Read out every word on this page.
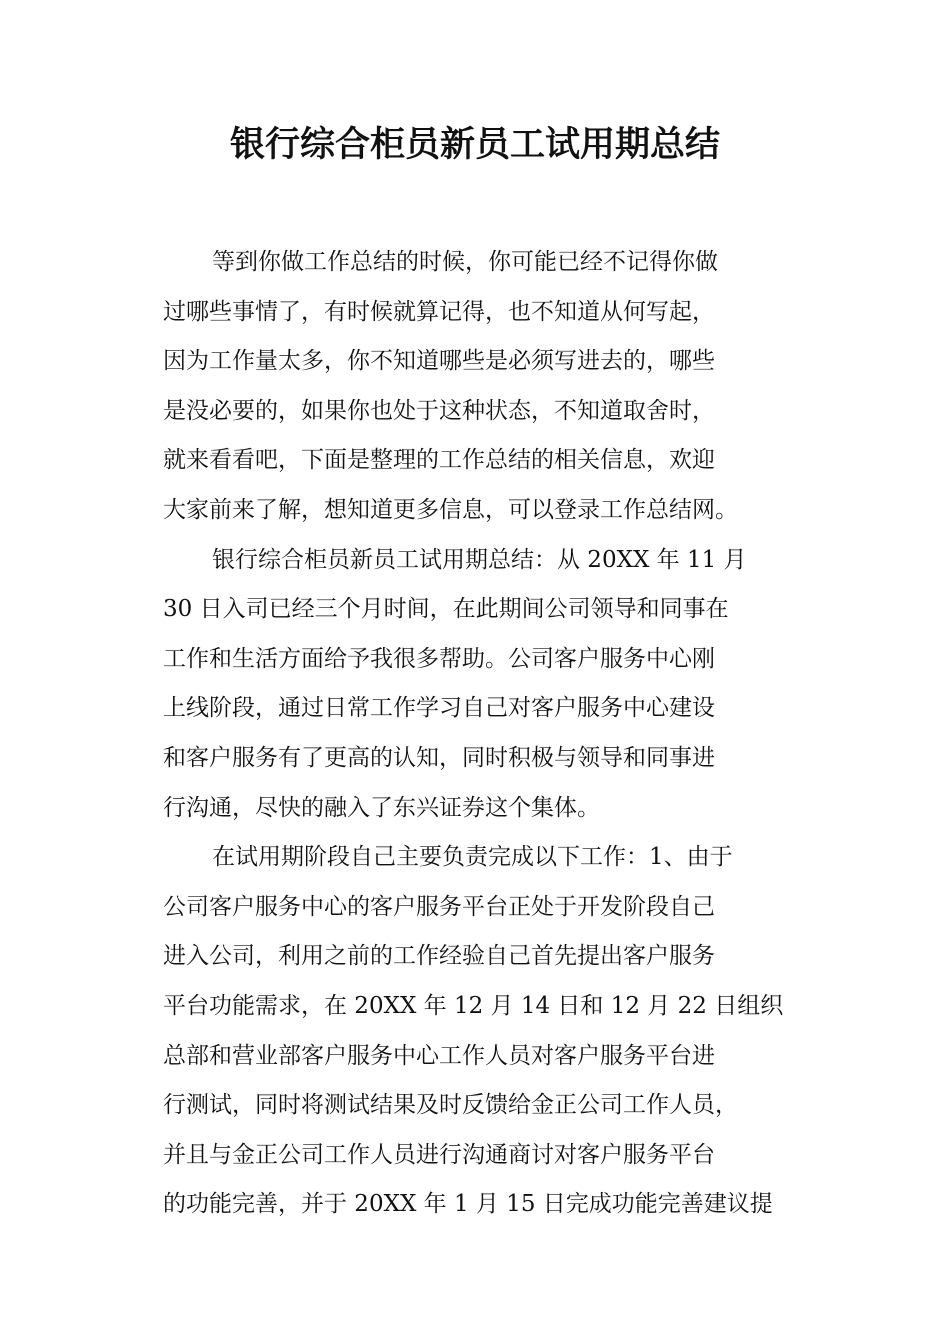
银行综合柜员新员工试用期总结
等到你做工作总结的时候，你可能已经不记得你做
过哪些事情了，有时候就算记得，也不知道从何写起，
因为工作量太多，你不知道哪些是必须写进去的，哪些
是没必要的，如果你也处于这种状态，不知道取舍时，
就来看看吧，下面是整理的工作总结的相关信息，欢迎
大家前来了解，想知道更多信息，可以登录工作总结网。
银行综合柜员新员工试用期总结：从 20XX 年 11 月
30 日入司已经三个月时间，在此期间公司领导和同事在
工作和生活方面给予我很多帮助。公司客户服务中心刚
上线阶段，通过日常工作学习自己对客户服务中心建设
和客户服务有了更高的认知，同时积极与领导和同事进
行沟通，尽快的融入了东兴证券这个集体。
在试用期阶段自己主要负责完成以下工作：1、由于
公司客户服务中心的客户服务平台正处于开发阶段自己
进入公司，利用之前的工作经验自己首先提出客户服务
平台功能需求，在 20XX 年 12 月 14 日和 12 月 22 日组织
总部和营业部客户服务中心工作人员对客户服务平台进
行测试，同时将测试结果及时反馈给金正公司工作人员，
并且与金正公司工作人员进行沟通商讨对客户服务平台
的功能完善，并于 20XX 年 1 月 15 日完成功能完善建议提
